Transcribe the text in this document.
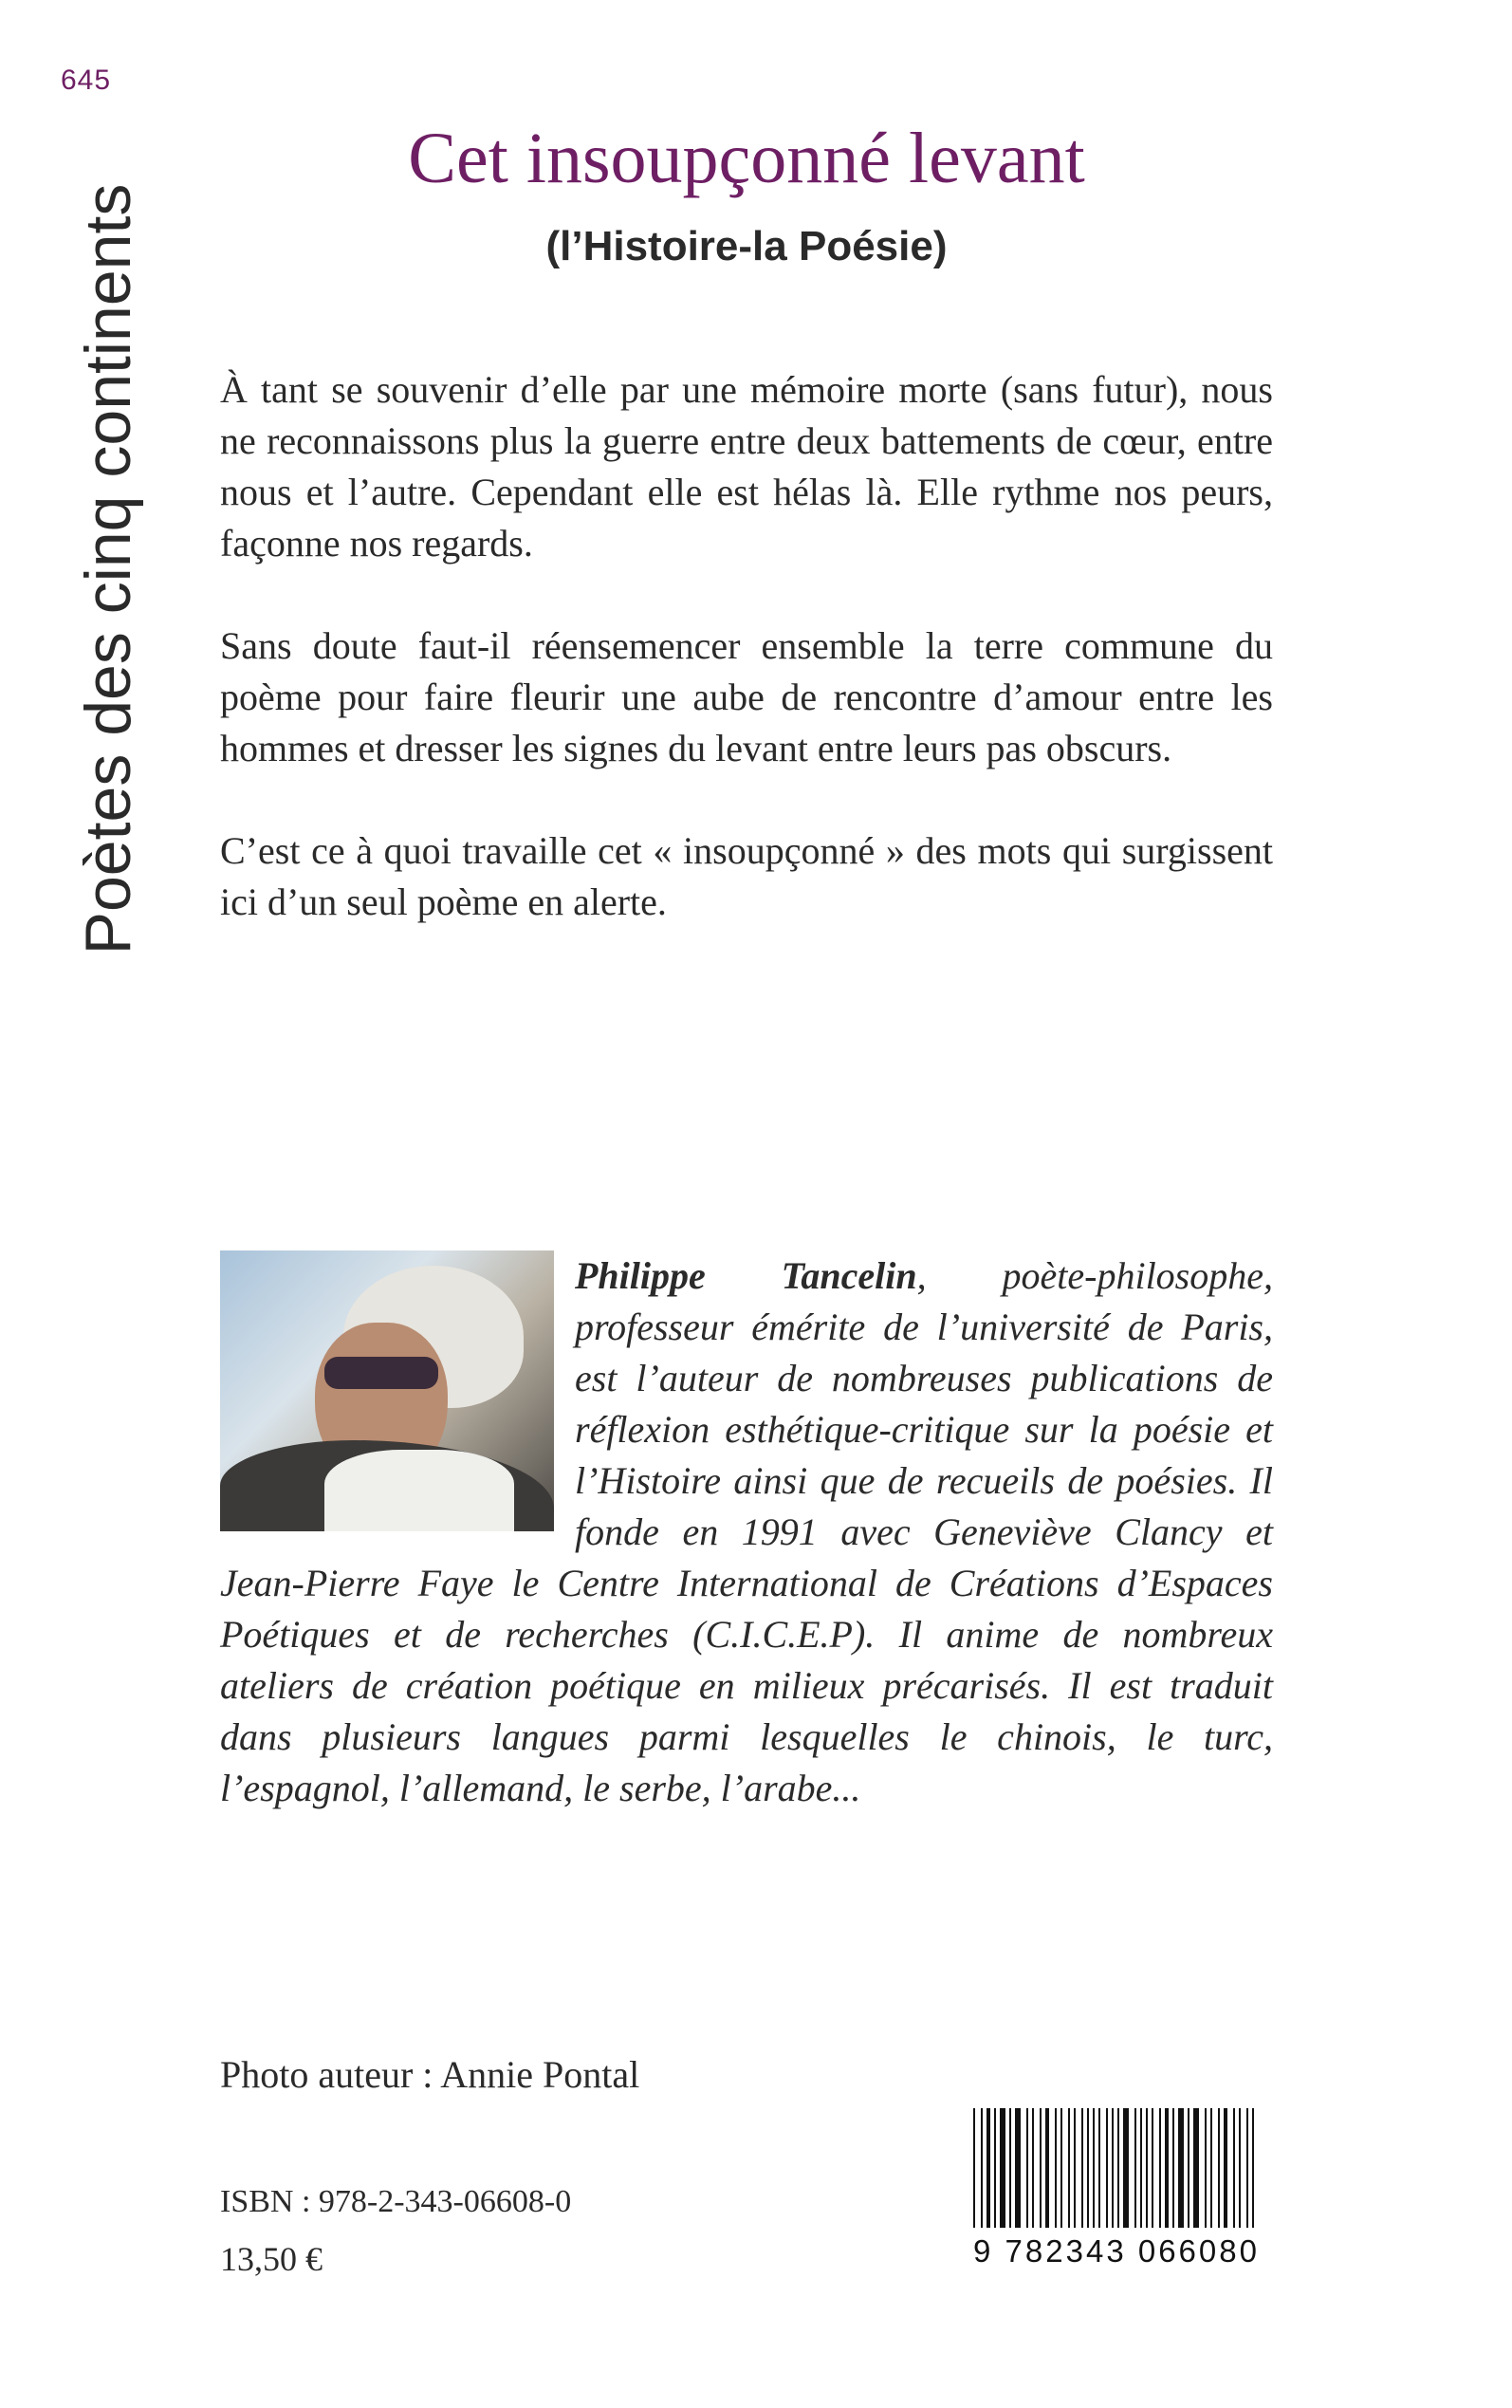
645
Poètes des cinq continents
Cet insoupçonné levant
(l’Histoire-la Poésie)

À tant se souvenir d’elle par une mémoire morte (sans futur), nous ne reconnaissons plus la guerre entre deux battements de cœur, entre nous et l’autre. Cependant elle est hélas là. Elle rythme nos peurs, façonne nos regards.

Sans doute faut-il réensemencer ensemble la terre commune du poème pour faire fleurir une aube de rencontre d’amour entre les hommes et dresser les signes du levant entre leurs pas obscurs.

C’est ce à quoi travaille cet « insoupçonné » des mots qui surgissent ici d’un seul poème en alerte.

Philippe Tancelin, poète-philosophe, professeur émérite de l’université de Paris, est l’auteur de nombreuses publications de réflexion esthétique-critique sur la poésie et l’Histoire ainsi que de recueils de poésies. Il fonde en 1991 avec Geneviève Clancy et Jean-Pierre Faye le Centre International de Créations d’Espaces Poétiques et de recherches (C.I.C.E.P). Il anime de nombreux ateliers de création poétique en milieux précarisés. Il est traduit dans plusieurs langues parmi lesquelles le chinois, le turc, l’espagnol, l’allemand, le serbe, l’arabe...
Photo auteur : Annie Pontal
ISBN : 978-2-343-06608-0
13,50 €	9 782343 066080
